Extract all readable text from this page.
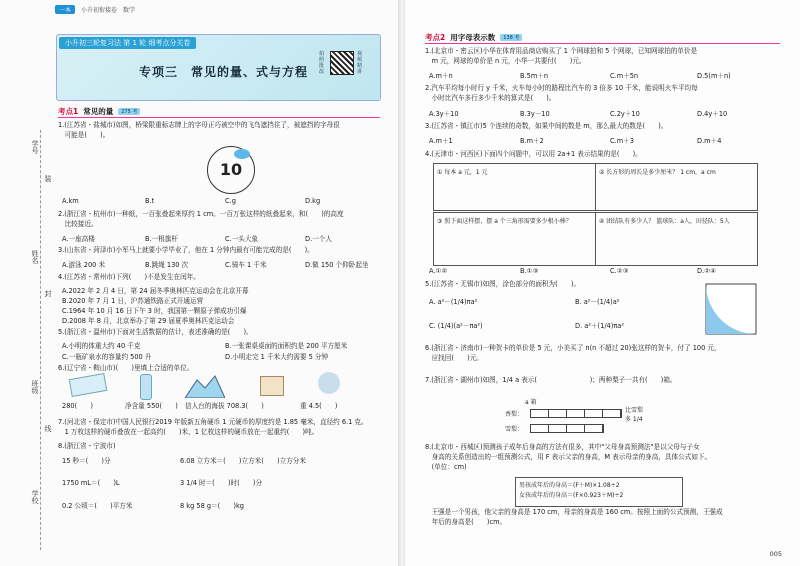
一本	小升初衔接卷 数学
小升初三轮复习法 第 1 轮 细考点分关卷
专项三　常见的量、式与方程
拍照批改
视频精讲
学号
姓名
班级
学校
装
封
线
考点1 常见的量	275 考
1.(江苏省・盐城市)如图，桥梁限重标志牌上的字母正巧被空中的飞鸟遮挡住了，被遮挡的字母很
　可能是(　　)。
10
A.km	B.t	C.g	D.kg
2.(浙江省・杭州市)一种纸，一百张叠起来厚约 1 cm。一百万张这样的纸叠起来，和(　　)的高度
　比较接近。
A.一座高楼	B.一根旗杆	C.一头大象	D.一个人
3.(山东省・菏泽市)小军马上就要小学毕业了，他在 1 分钟内最有可能完成的是(　　)。
A.游泳 200 米	B.跳绳 130 次	C.骑车 1 千米	D.做 150 个仰卧起坐
4.(江苏省・常州市)下列(　　)不是发生在闰年。
A.2022 年 2 月 4 日，第 24 届冬季奥林匹克运动会在北京开幕
B.2020 年 7 月 1 日，沪苏通铁路正式开通运营
C.1964 年 10 月 16 日下午 3 时，我国第一颗原子弹成功引爆
D.2008 年 8 月，北京举办了第 29 届夏季奥林匹克运动会
5.(浙江省・温州市)下面对生活数据的估计，表述准确的是(　　)。
A.小明的体重大约 40 千克	B.一张课桌桌面的面积约是 200 平方厘米
C.一瓶矿泉水的容量约 500 升	D.小明走完 1 千米大约需要 5 分钟
6.(辽宁省・鞍山市)(　　)里填上合适的单位。
280(　　)	净含量 550(　　) 信人台的海拔 708.3(　　)	重 4.5(　　)
7.(河北省・保定市)中国人民银行2019 年版新五角硬币 1 元硬币的厚度约是 1.85 毫米，直径约 6.1 克。
　1 万枚这样的硬币叠放在一起高约(　　)米，1 亿枚这样的硬币放在一起重约(　　)吨。
8.(浙江省・宁波市)
15 秒＝(　　)分	6.08 立方米＝(　　)立方米(　　)立方分米
1750 mL＝(　　)L	3 1/4 时＝(　　)时(　　)分
0.2 公顷＝(　　)平方米	8 kg 58 g＝(　　)kg
考点2 用字母表示数	138 考
1.(北京市・密云区)小华在体育用品商店购买了 1 个网球拍和 5 个网球，已知网球拍的单价是
　m 元，网球的单价是 n 元，小华一共要付(　　)元。
A.m＋n	B.5m＋n	C.m＋5n	D.5(m＋n)
2.汽车平均每小时行 y 千米，火车每小时的路程比汽车的 3 倍多 10 千米，能说明火车平均每
　小时比汽车多行多少千米的算式是(　　)。
A.3y＋10	B.3y－10	C.2y＋10	D.4y＋10
3.(江苏省・镇江市)5 个连续的奇数，如果中间的数是 m，那么最大的数是(　　)。
A.m＋1	B.m＋2	C.m＋3	D.m＋4
4.(天津市・河西区)下面四个问题中，可以用 2a+1 表示结果的是(　　)。
① 每本 a 元，1 元	② 长方形的周长是多少厘米？ 1 cm，a cm
③ 照下面这样摆，摆 a 个三角形需要多少根小棒？	④ 团结队有多少人？ 篮球队：a人，田径队：5人
A.①②	B.①③	C.②③	D.②④
5.(江苏省・无锡市)如图，涂色部分的面积为(　　)。
A. a²－(1/4)πa²	B. a²－(1/4)a²
C. (1/4)(a²－πa²)	D. a²＋(1/4)πa²
6.(浙江省・济南市)一种贺卡的单价是 5 元，小美买了 n(n 不超过 20)张这样的贺卡，付了 100 元，
　应找回(　　)元。
7.(浙江省・湖州市)如图，1/4 a 表示(　　　　　　　　)；两种梨子一共有(　　)箱。
a 箱
香梨：
比雪梨
多 1/4
雪梨：
8.(北京市・西城区)预测孩子成年后身高的方法有很多，其中"父母身高预测法"是以父母与子女
　身高的关系创造出的一组预测公式，用 F 表示父亲的身高，M 表示母亲的身高，具体公式如下。
　(单位：cm)
男孩成年后的身高＝(F＋M)×1.08÷2
女孩成年后的身高＝(F×0.923＋M)÷2
　王强是一个男孩，他父亲的身高是 170 cm，母亲的身高是 160 cm。按照上面的公式预测，王强成
　年后的身高是(　　)cm。
005
